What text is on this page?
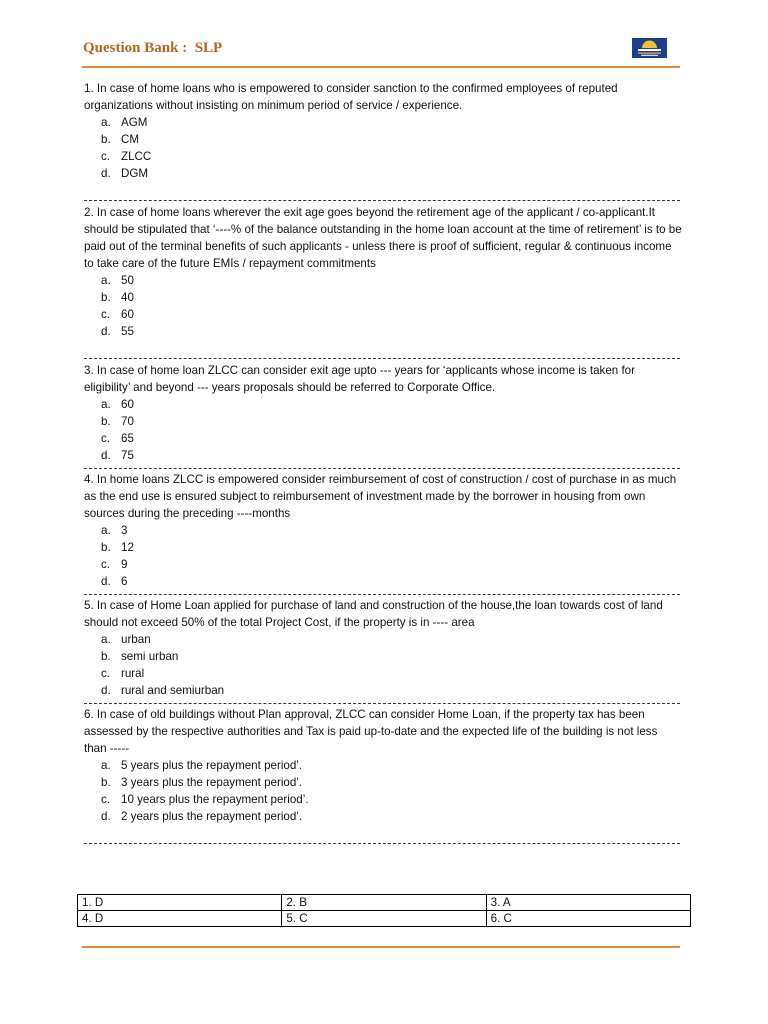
Question Bank :  SLP

1. In case of home loans who is empowered to consider sanction to the confirmed employees of reputed organizations without insisting on minimum period of service / experience.

a. AGM
b. CM
c. ZLCC
d. DGM

2. In case of home loans wherever the exit age goes beyond the retirement age of the applicant / co-applicant.It should be stipulated that ‘----% of the balance outstanding in the home loan account at the time of retirement’ is to be paid out of the terminal benefits of such applicants - unless there is proof of sufficient, regular & continuous income to take care of the future EMIs / repayment commitments

a. 50
b. 40
c. 60
d. 55

3. In case of home loan ZLCC can consider exit age upto --- years for ‘applicants whose income is taken for eligibility’ and beyond --- years proposals should be referred to Corporate Office.

a. 60
b. 70
c. 65
d. 75

4. In home loans ZLCC is empowered consider reimbursement of cost of construction / cost of purchase in as much as the end use is ensured subject to reimbursement of investment made by the borrower in housing from own sources during the preceding ----months

a. 3
b. 12
c. 9
d. 6

5. In case of Home Loan applied for purchase of land and construction of the house,the loan towards cost of land should not exceed 50% of the total Project Cost, if the property is in ---- area

a. urban
b. semi urban
c. rural
d. rural and semiurban

6. In case of old buildings without Plan approval, ZLCC can consider Home Loan, if the property tax has been assessed by the respective authorities and Tax is paid up-to-date and the expected life of the building is not less than -----

a. 5 years plus the repayment period’.
b. 3 years plus the repayment period’.
c. 10 years plus the repayment period’.
d. 2 years plus the repayment period’.
1. D	2. B	3. A
4. D	5. C	6. C
